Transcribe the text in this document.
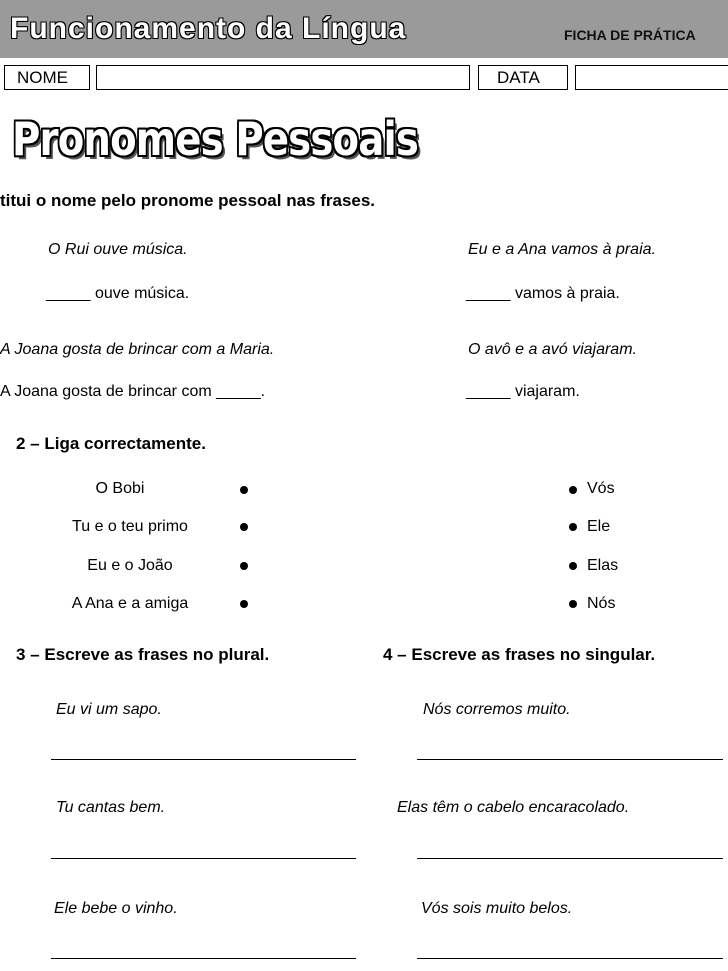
Funcionamento da Língua	FICHA DE PRÁTICA
NOME	DATA
Pronomes Pessoais
titui o nome pelo pronome pessoal nas frases.
O Rui ouve música.
_____ ouve música.
Eu e a Ana vamos à praia.
_____ vamos à praia.
A Joana gosta de brincar com a Maria.
A Joana gosta de brincar com _____.
O avô e a avó viajaram.
_____ viajaram.
2 – Liga correctamente.
O Bobi
Tu e o teu primo
Eu e o João
A Ana e a amiga
Vós
Ele
Elas
Nós
3 – Escreve as frases no plural.
Eu vi um sapo.
Tu cantas bem.
Ele bebe o vinho.
4 – Escreve as frases no singular.
Nós corremos muito.
Elas têm o cabelo encaracolado.
Vós sois muito belos.
